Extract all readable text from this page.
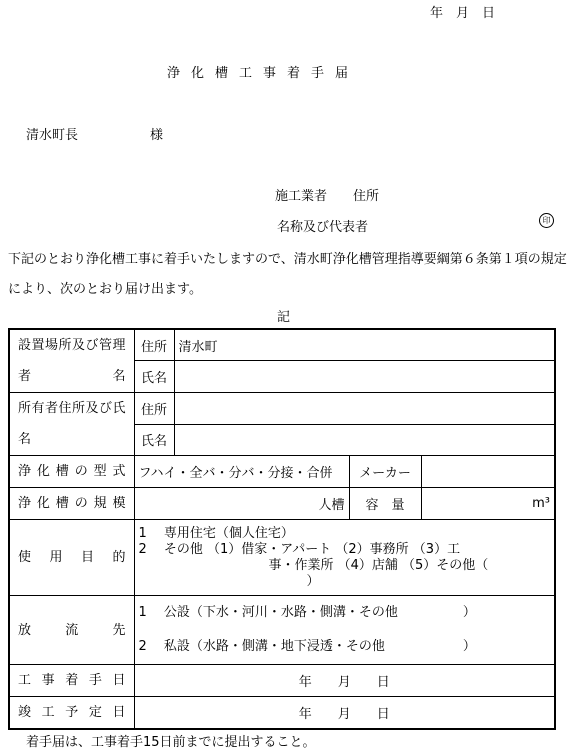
年　月　日
浄化槽工事着手届
清水町長	様
施工業者 住所
名称及び代表者	印
下記のとおり浄化槽工事に着手いたしますので、清水町浄化槽管理指導要綱第６条第１項の規定により、次のとおり届け出ます。
記
設置場所及び管理者名	住所	清水町		
	氏名			
所有者住所及び氏名	住所			
	氏名			
浄化槽の型式	フハイ・全バ・分バ・分接・合併		メーカー	
浄化槽の規模	人槽		容　量	m³
使用目的	1　 専用住宅（個人住宅）
2　 その他 （1）借家・アパート （2）事務所 （3）工
事・作業所 （4）店舗 （5）その他（
）			

放流先	1　 公設（下水・河川・水路・側溝・その他　　　　　）
2　 私設（水路・側溝・地下浸透・その他　　　　　　）			

工事着手日	年　　月　　日			
竣工予定日	年　　月　　日			
着手届は、工事着手15日前までに提出すること。
